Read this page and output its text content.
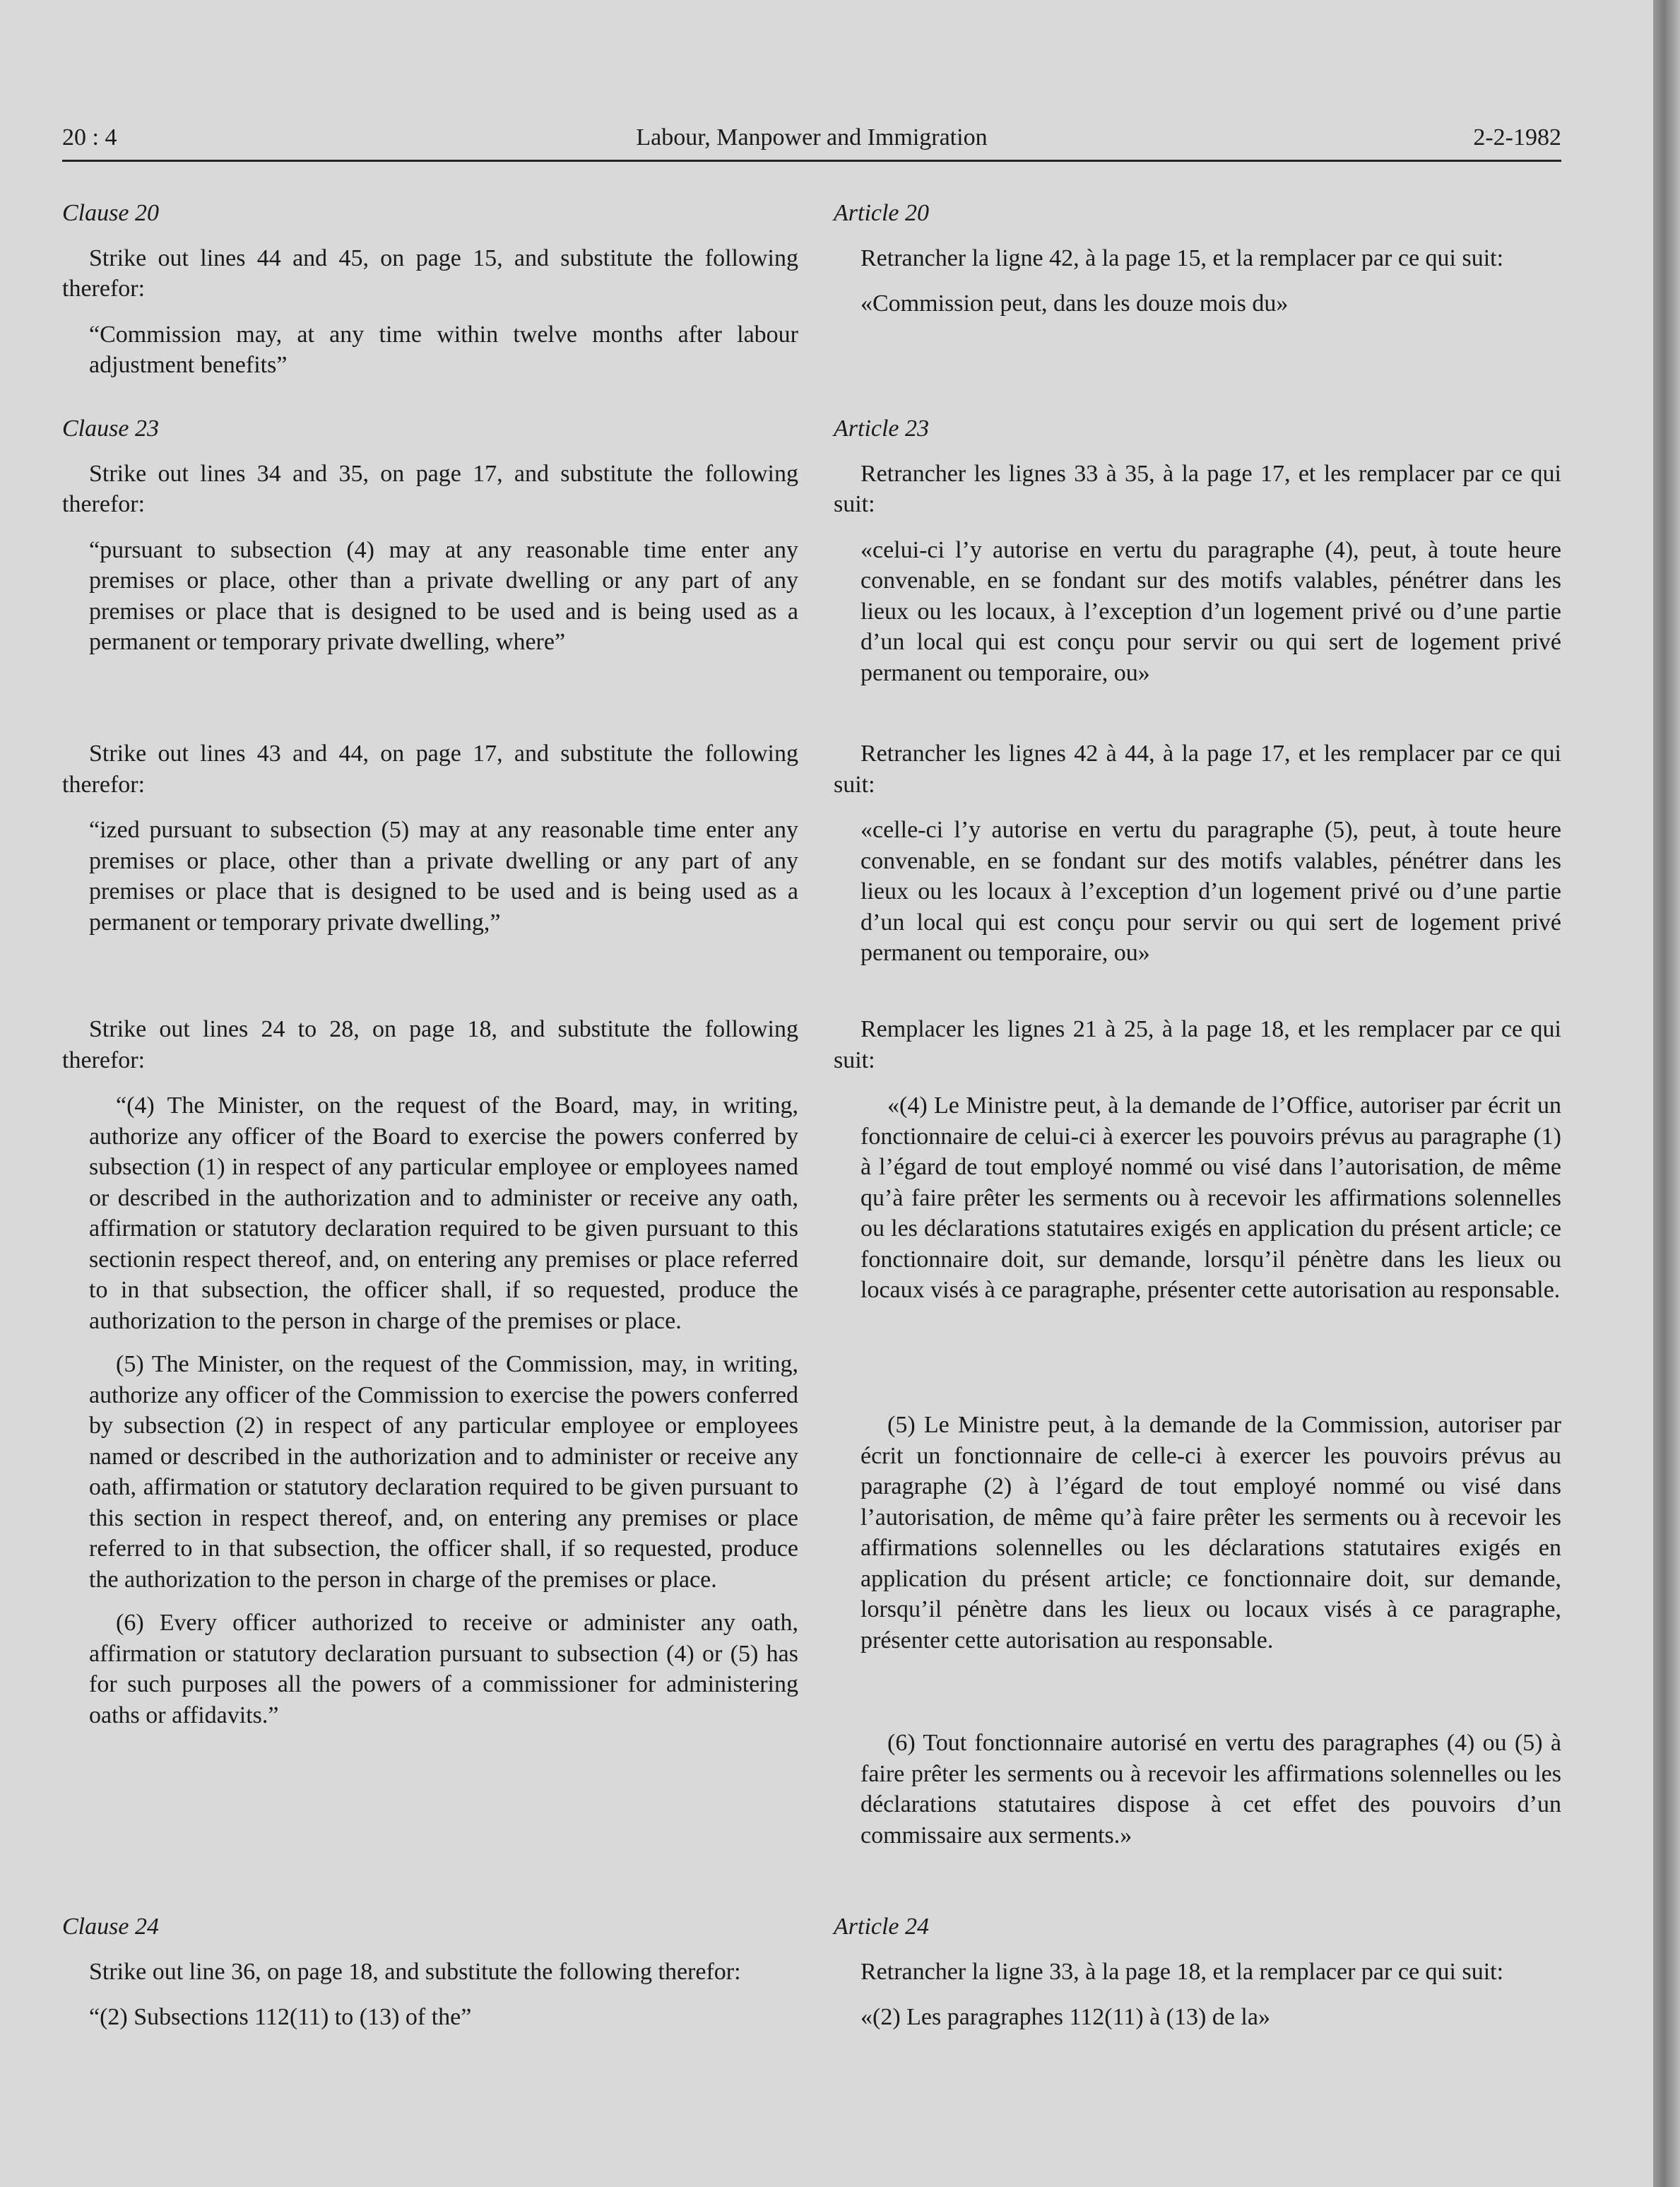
20 : 4	Labour, Manpower and Immigration	2-2-1982

Clause 20

Strike out lines 44 and 45, on page 15, and substitute the following therefor:

“Commission may, at any time within twelve months after labour adjustment benefits”

Clause 23

Strike out lines 34 and 35, on page 17, and substitute the following therefor:

“pursuant to subsection (4) may at any reasonable time enter any premises or place, other than a private dwelling or any part of any premises or place that is designed to be used and is being used as a permanent or temporary private dwelling, where”

Strike out lines 43 and 44, on page 17, and substitute the following therefor:

“ized pursuant to subsection (5) may at any reasonable time enter any premises or place, other than a private dwelling or any part of any premises or place that is designed to be used and is being used as a permanent or temporary private dwelling,”

Strike out lines 24 to 28, on page 18, and substitute the following therefor:

“(4) The Minister, on the request of the Board, may, in writing, authorize any officer of the Board to exercise the powers conferred by subsection (1) in respect of any particular employee or employees named or described in the authorization and to administer or receive any oath, affirmation or statutory declaration required to be given pursuant to this sectionin respect thereof, and, on entering any premises or place referred to in that subsection, the officer shall, if so requested, produce the authorization to the person in charge of the premises or place.

(5) The Minister, on the request of the Commission, may, in writing, authorize any officer of the Commission to exercise the powers conferred by subsection (2) in respect of any particular employee or employees named or described in the authorization and to administer or receive any oath, affirmation or statutory declaration required to be given pursuant to this section in respect thereof, and, on entering any premises or place referred to in that subsection, the officer shall, if so requested, produce the authorization to the person in charge of the premises or place.

(6) Every officer authorized to receive or administer any oath, affirmation or statutory declaration pursuant to subsection (4) or (5) has for such purposes all the powers of a commissioner for administering oaths or affidavits.”

Clause 24

Strike out line 36, on page 18, and substitute the following therefor:

“(2) Subsections 112(11) to (13) of the”

Article 20

Retrancher la ligne 42, à la page 15, et la remplacer par ce qui suit:

«Commission peut, dans les douze mois du»

Article 23

Retrancher les lignes 33 à 35, à la page 17, et les remplacer par ce qui suit:

«celui-ci l’y autorise en vertu du paragraphe (4), peut, à toute heure convenable, en se fondant sur des motifs valables, pénétrer dans les lieux ou les locaux, à l’exception d’un logement privé ou d’une partie d’un local qui est conçu pour servir ou qui sert de logement privé permanent ou temporaire, ou»

Retrancher les lignes 42 à 44, à la page 17, et les remplacer par ce qui suit:

«celle-ci l’y autorise en vertu du paragraphe (5), peut, à toute heure convenable, en se fondant sur des motifs valables, pénétrer dans les lieux ou les locaux à l’exception d’un logement privé ou d’une partie d’un local qui est conçu pour servir ou qui sert de logement privé permanent ou temporaire, ou»

Remplacer les lignes 21 à 25, à la page 18, et les remplacer par ce qui suit:

«(4) Le Ministre peut, à la demande de l’Office, autoriser par écrit un fonctionnaire de celui-ci à exercer les pouvoirs prévus au paragraphe (1) à l’égard de tout employé nommé ou visé dans l’autorisation, de même qu’à faire prêter les serments ou à recevoir les affirmations solennelles ou les déclarations statutaires exigés en application du présent article; ce fonctionnaire doit, sur demande, lorsqu’il pénètre dans les lieux ou locaux visés à ce paragraphe, présenter cette autorisation au responsable.

(5) Le Ministre peut, à la demande de la Commission, autoriser par écrit un fonctionnaire de celle-ci à exercer les pouvoirs prévus au paragraphe (2) à l’égard de tout employé nommé ou visé dans l’autorisation, de même qu’à faire prêter les serments ou à recevoir les affirmations solennelles ou les déclarations statutaires exigés en application du présent article; ce fonctionnaire doit, sur demande, lorsqu’il pénètre dans les lieux ou locaux visés à ce paragraphe, présenter cette autorisation au responsable.

(6) Tout fonctionnaire autorisé en vertu des paragraphes (4) ou (5) à faire prêter les serments ou à recevoir les affirmations solennelles ou les déclarations statutaires dispose à cet effet des pouvoirs d’un commissaire aux serments.»

Article 24

Retrancher la ligne 33, à la page 18, et la remplacer par ce qui suit:

«(2) Les paragraphes 112(11) à (13) de la»
